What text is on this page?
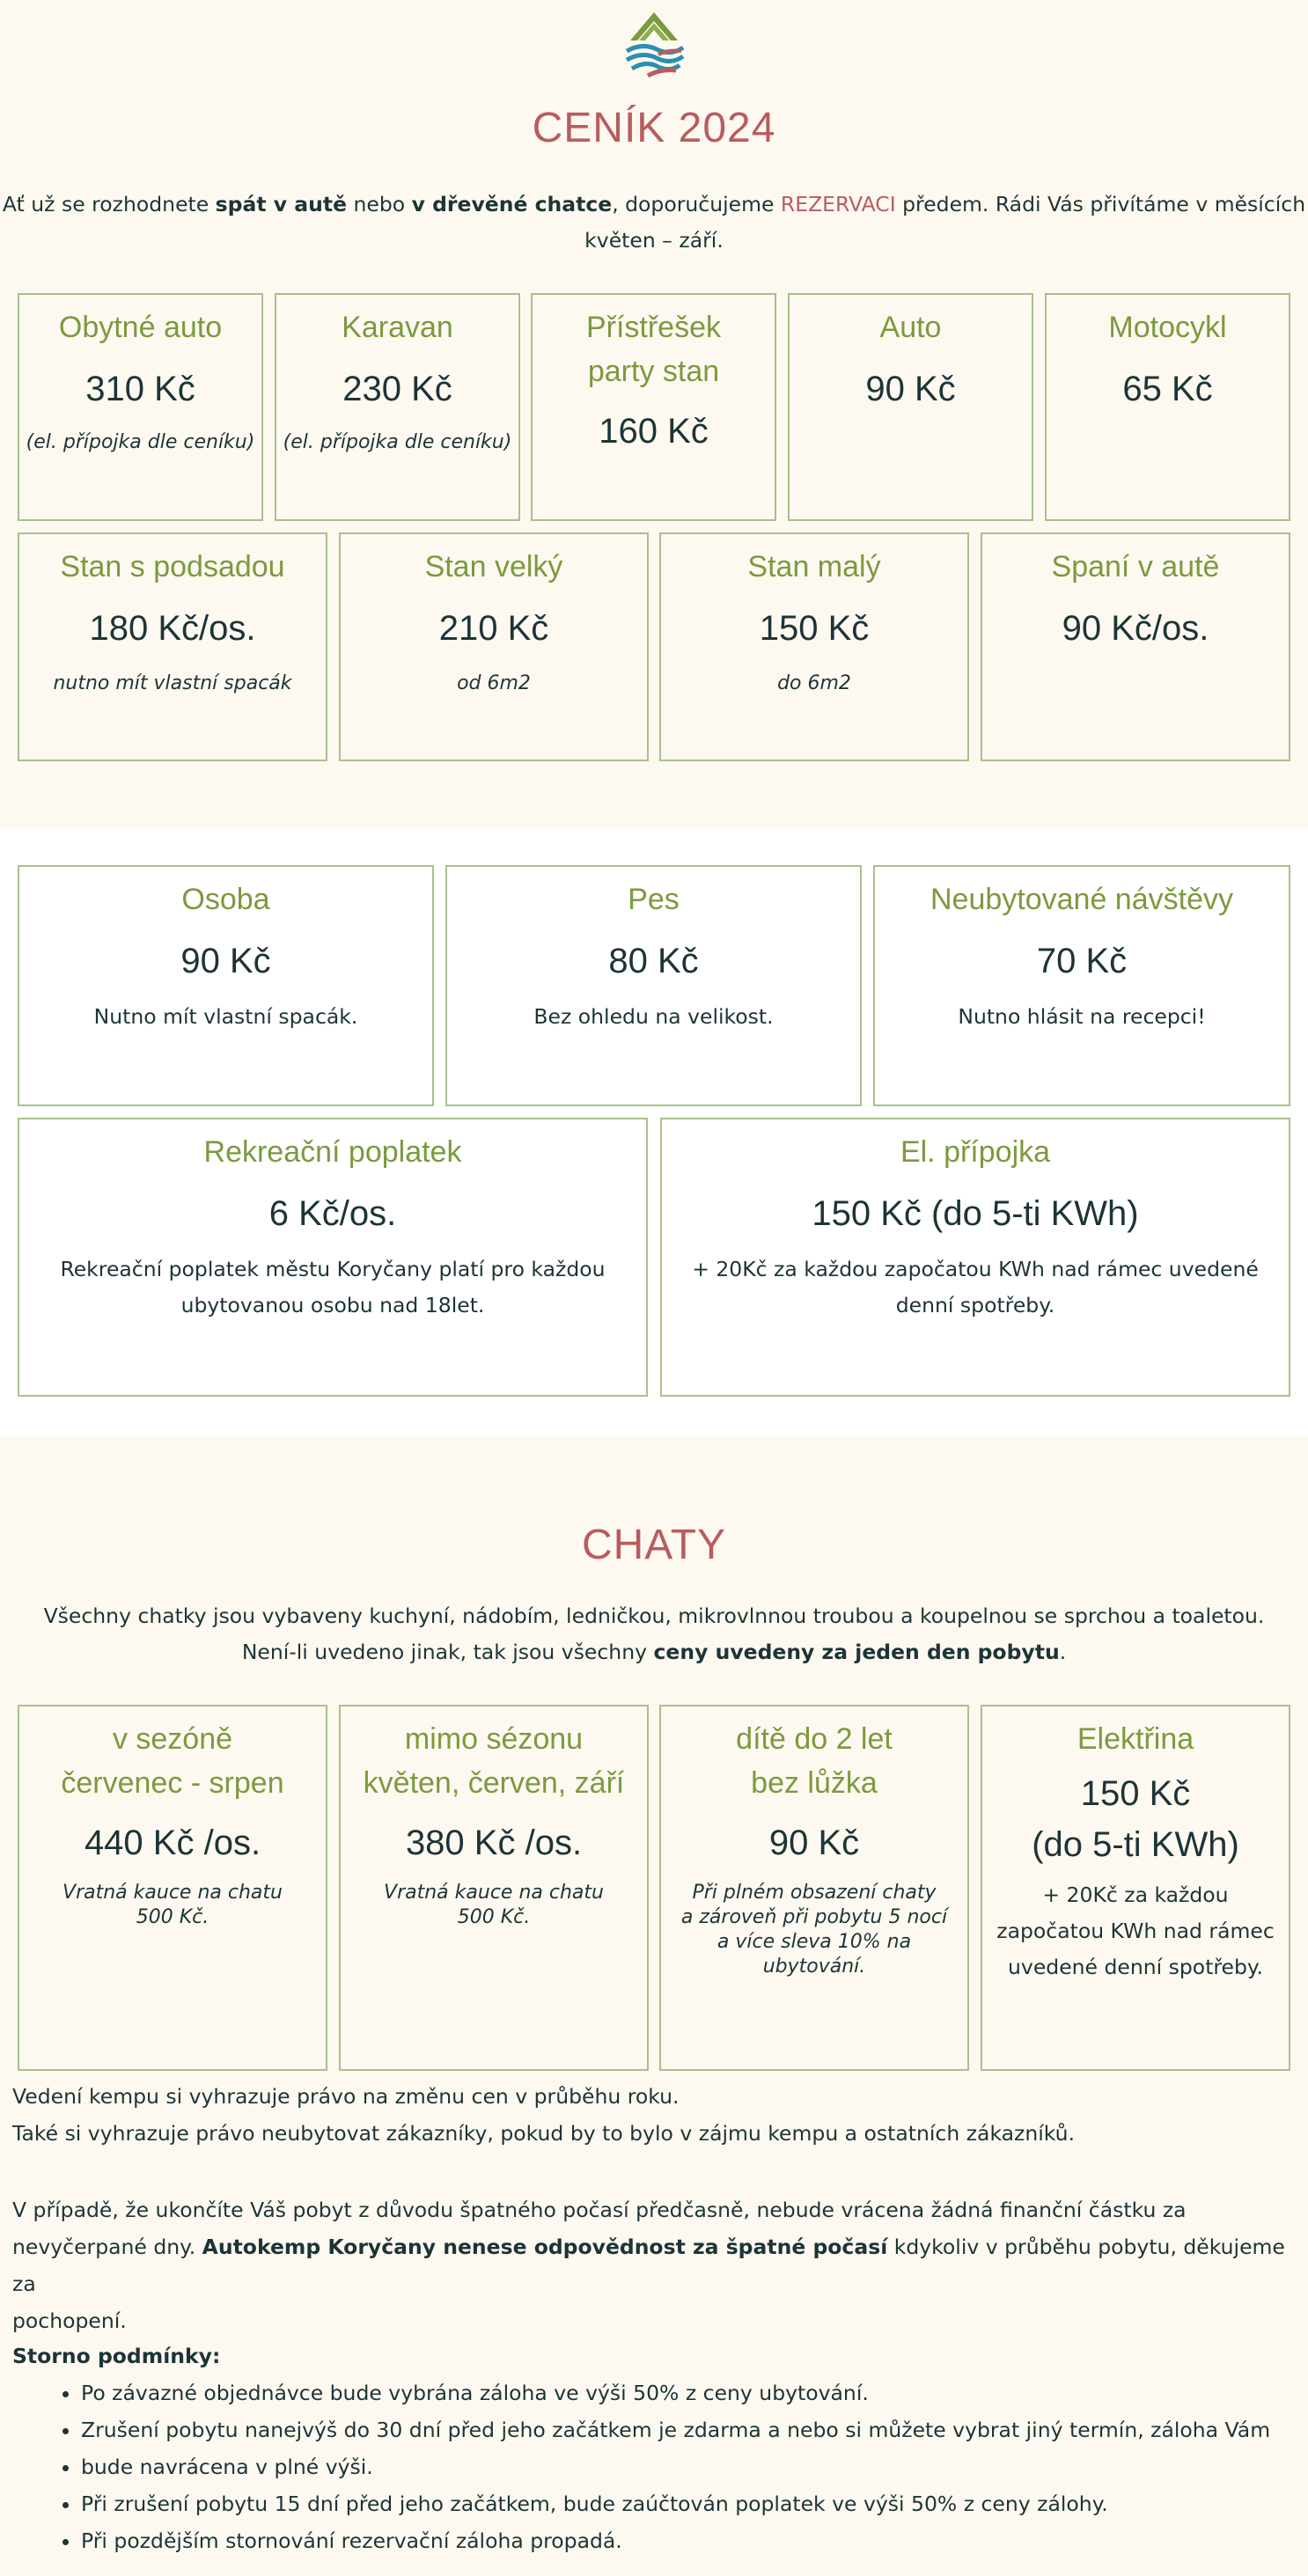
CENÍK 2024
Ať už se rozhodnete spát v autě nebo v dřevěné chatce, doporučujeme REZERVACI předem. Rádi Vás přivítáme v měsících
květen – září.
Obytné auto
310 Kč
(el. přípojka dle ceníku)
Karavan
230 Kč
(el. přípojka dle ceníku)
Přístřešek
party stan
160 Kč
Auto
90 Kč
Motocykl
65 Kč
Stan s podsadou
180 Kč/os.
nutno mít vlastní spacák
Stan velký
210 Kč
od 6m2
Stan malý
150 Kč
do 6m2
Spaní v autě
90 Kč/os.
Osoba
90 Kč
Nutno mít vlastní spacák.
Pes
80 Kč
Bez ohledu na velikost.
Neubytované návštěvy
70 Kč
Nutno hlásit na recepci!
Rekreační poplatek
6 Kč/os.
Rekreační poplatek městu Koryčany platí pro každou
ubytovanou osobu nad 18let.
El. přípojka
150 Kč (do 5-ti KWh)
+ 20Kč za každou započatou KWh nad rámec uvedené
denní spotřeby.
CHATY
Všechny chatky jsou vybaveny kuchyní, nádobím, ledničkou, mikrovlnnou troubou a koupelnou se sprchou a toaletou.
Není-li uvedeno jinak, tak jsou všechny ceny uvedeny za jeden den pobytu.
v sezóně
červenec - srpen
440 Kč /os.
Vratná kauce na chatu
500 Kč.
mimo sézonu
květen, červen, září
380 Kč /os.
Vratná kauce na chatu
500 Kč.
dítě do 2 let
bez lůžka
90 Kč
Při plném obsazení chaty
a zároveň při pobytu 5 nocí
a více sleva 10% na
ubytování.
Elektřina
150 Kč
(do 5-ti KWh)
+ 20Kč za každou
započatou KWh nad rámec
uvedené denní spotřeby.
Vedení kempu si vyhrazuje právo na změnu cen v průběhu roku.
Také si vyhrazuje právo neubytovat zákazníky, pokud by to bylo v zájmu kempu a ostatních zákazníků.
V případě, že ukončíte Váš pobyt z důvodu špatného počasí předčasně, nebude vrácena žádná finanční částku za
nevyčerpané dny. Autokemp Koryčany nenese odpovědnost za špatné počasí kdykoliv v průběhu pobytu, děkujeme za
pochopení.
Storno podmínky:
• Po závazné objednávce bude vybrána záloha ve výši 50% z ceny ubytování.
• Zrušení pobytu nanejvýš do 30 dní před jeho začátkem je zdarma a nebo si můžete vybrat jiný termín, záloha Vám
• bude navrácena v plné výši.
• Při zrušení pobytu 15 dní před jeho začátkem, bude zaúčtován poplatek ve výši 50% z ceny zálohy.
• Při pozdějším stornování rezervační záloha propadá.
